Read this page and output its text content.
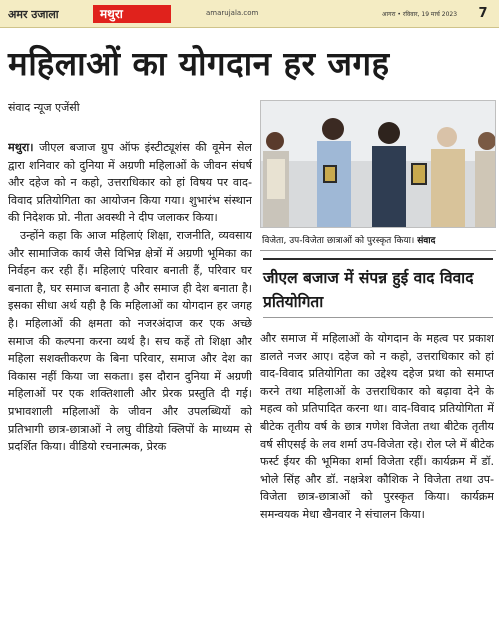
अमर उजाला	मथुरा	amarujala.com	आगरा • रविवार, 19 मार्च 2023	7
महिलाओं का योगदान हर जगह
संवाद न्यूज एजेंसी

मथुरा। जीएल बजाज ग्रुप ऑफ इंस्टीट्यूशंस की वूमेन सेल द्वारा शनिवार को दुनिया में अग्रणी महिलाओं के जीवन संघर्ष और दहेज को न कहो, उत्तराधिकार को हां विषय पर वाद-विवाद प्रतियोगिता का आयोजन किया गया। शुभारंभ संस्थान की निदेशक प्रो. नीता अवस्थी ने दीप जलाकर किया।

उन्होंने कहा कि आज महिलाएं शिक्षा, राजनीति, व्यवसाय और सामाजिक कार्य जैसे विभिन्न क्षेत्रों में अग्रणी भूमिका का निर्वहन कर रही हैं। महिलाएं परिवार बनाती हैं, परिवार घर बनाता है, घर समाज बनाता है और समाज ही देश बनाता है। इसका सीधा अर्थ यही है कि महिलाओं का योगदान हर जगह है। महिलाओं की क्षमता को नजरअंदाज कर एक अच्छे समाज की कल्पना करना व्यर्थ है। सच कहें तो शिक्षा और महिला सशक्तीकरण के बिना परिवार, समाज और देश का विकास नहीं किया जा सकता। इस दौरान दुनिया में अग्रणी महिलाओं पर एक शक्तिशाली और प्रेरक प्रस्तुति दी गई। प्रभावशाली महिलाओं के जीवन और उपलब्धियों को प्रतिभागी छात्र-छात्राओं ने लघु वीडियो क्लिपों के माध्यम से प्रदर्शित किया। वीडियो रचनात्मक, प्रेरक

विजेता, उप-विजेता छात्राओं को पुरस्कृत किया। संवाद
जीएल बजाज में संपन्न हुई वाद विवाद प्रतियोगिता

और समाज में महिलाओं के योगदान के महत्व पर प्रकाश डालते नजर आए। दहेज को न कहो, उत्तराधिकार को हां वाद-विवाद प्रतियोगिता का उद्देश्य दहेज प्रथा को समाप्त करने तथा महिलाओं के उत्तराधिकार को बढ़ावा देने के महत्व को प्रतिपादित करना था। वाद-विवाद प्रतियोगिता में बीटेक तृतीय वर्ष के छात्र गणेश विजेता तथा बीटेक तृतीय वर्ष सीएसई के लव शर्मा उप-विजेता रहे। रोल प्ले में बीटेक फर्स्ट ईयर की भूमिका शर्मा विजेता रहीं। कार्यक्रम में डॉ. भोले सिंह और डॉ. नक्षत्रेश कौशिक ने विजेता तथा उप-विजेता छात्र-छात्राओं को पुरस्कृत किया। कार्यक्रम समन्वयक मेधा खैनवार ने संचालन किया।
